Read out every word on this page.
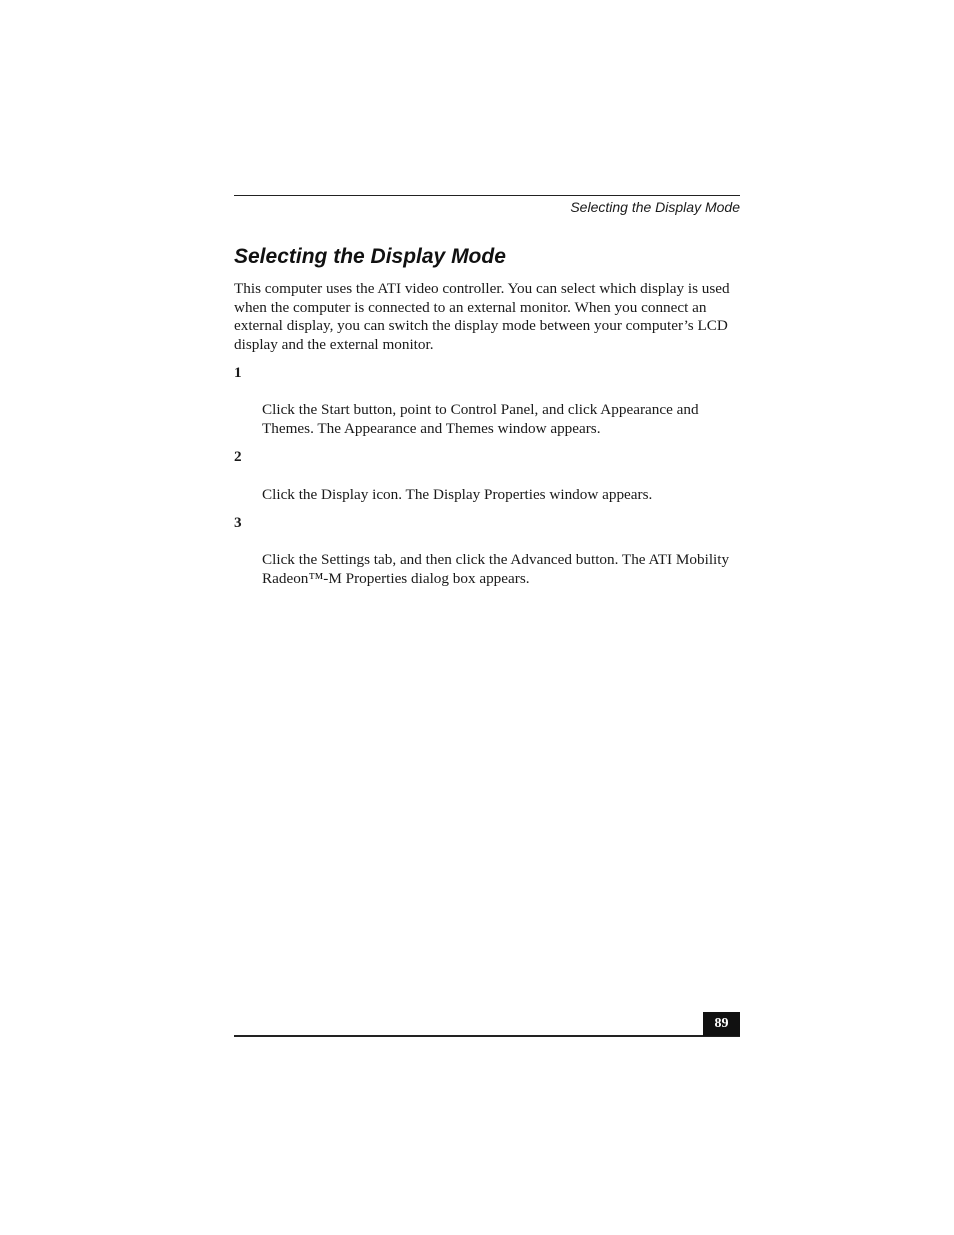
Selecting the Display Mode
Selecting the Display Mode

This computer uses the ATI video controller. You can select which display is used
when the computer is connected to an external monitor. When you connect an
external display, you can switch the display mode between your computer’s LCD
display and the external monitor.

1

Click the Start button, point to Control Panel, and click Appearance and
Themes. The Appearance and Themes window appears.

2

Click the Display icon. The Display Properties window appears.

3

Click the Settings tab, and then click the Advanced button. The ATI Mobility
Radeon™-M Properties dialog box appears.

89
